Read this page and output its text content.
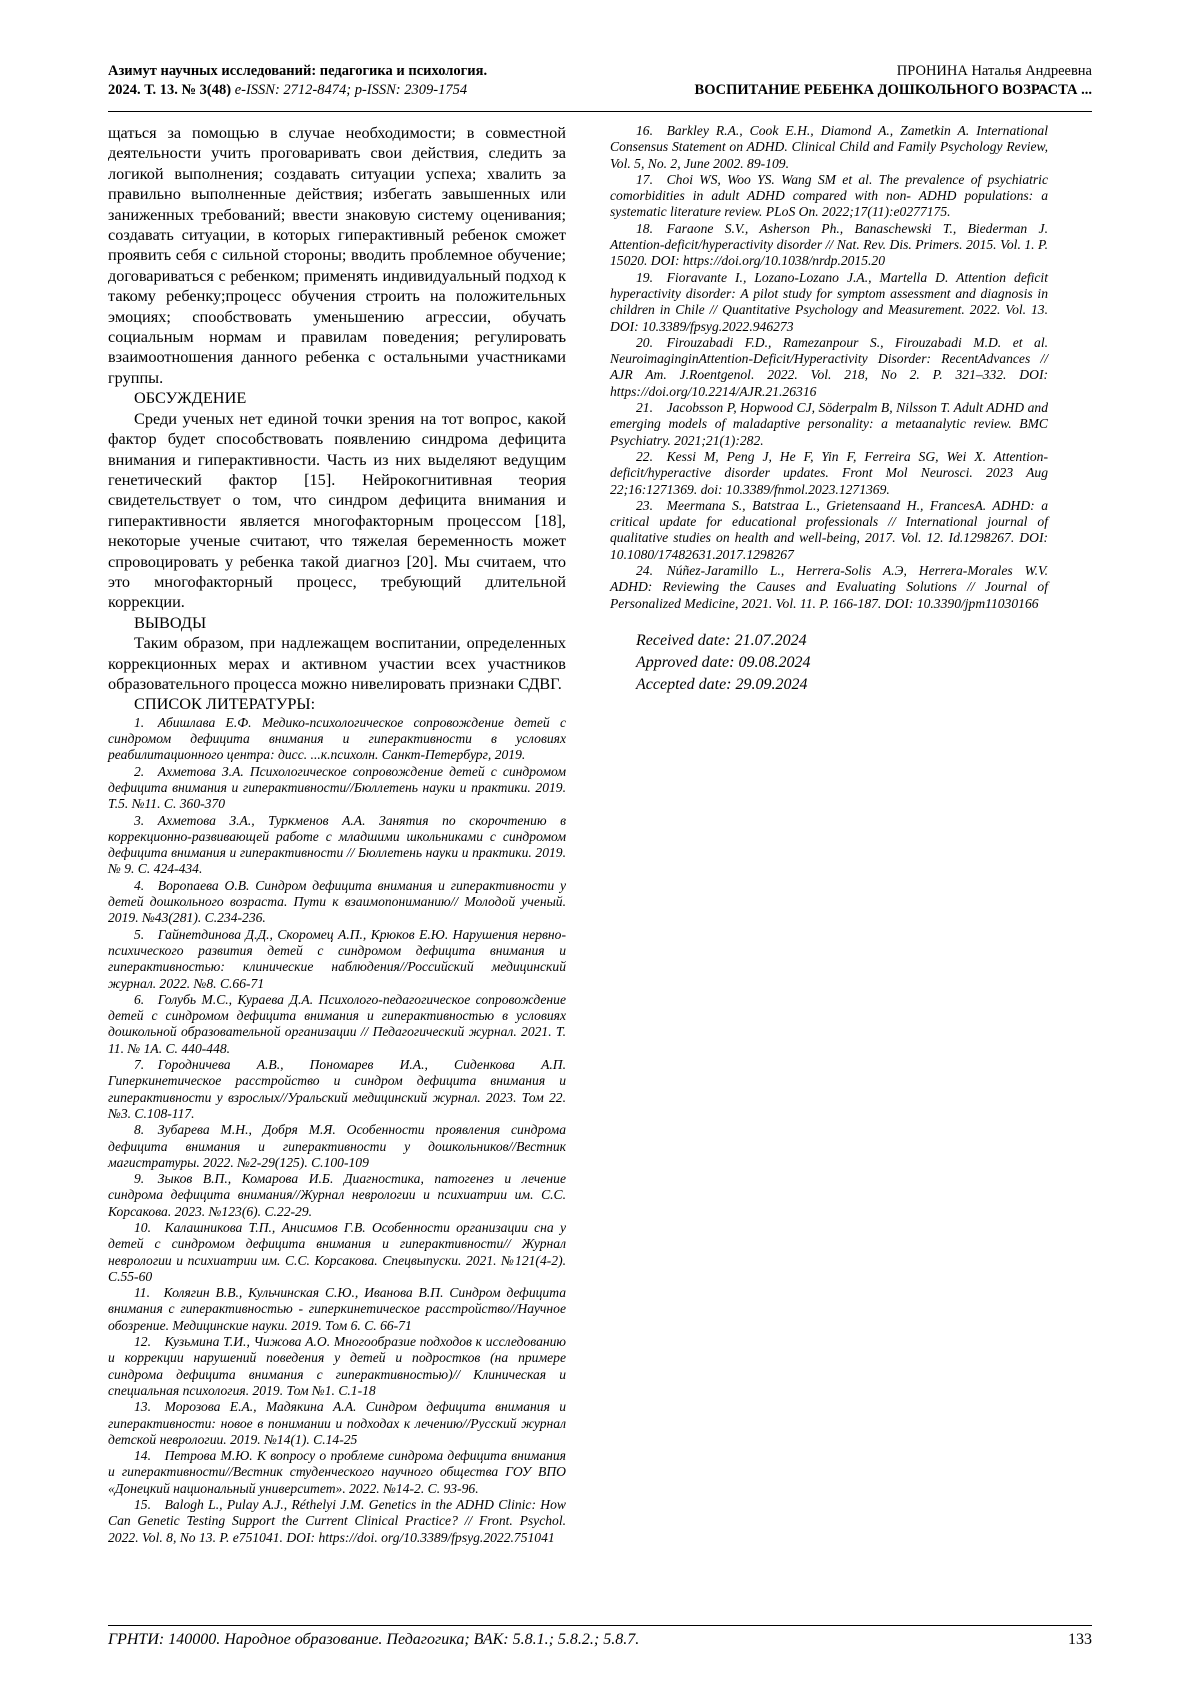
Азимут научных исследований: педагогика и психология.
2024. Т. 13. № 3(48) e-ISSN: 2712-8474; p-ISSN: 2309-1754
ПРОНИНА Наталья Андреевна
ВОСПИТАНИЕ РЕБЕНКА ДОШКОЛЬНОГО ВОЗРАСТА ...

щаться за помощью в случае необходимости; в совместной деятельности учить проговаривать свои действия, следить за логикой выполнения; создавать ситуации успеха; хвалить за правильно выполненные действия; избегать завышенных или заниженных требований; ввести знаковую систему оценивания; создавать ситуации, в которых гиперактивный ребенок сможет проявить себя с сильной стороны; вводить проблемное обучение; договариваться с ребенком; применять индивидуальный подход к такому ребенку;процесс обучения строить на положительных эмоциях; спообствовать уменьшению агрессии, обучать социальным нормам и правилам поведения; регулировать взаимоотношения данного ребенка с остальными участниками группы.

ОБСУЖДЕНИЕ

Среди ученых нет единой точки зрения на тот вопрос, какой фактор будет способствовать появлению синдрома дефицита внимания и гиперактивности. Часть из них выделяют ведущим генетический фактор [15]. Нейрокогнитивная теория свидетельствует о том, что синдром дефицита внимания и гиперактивности является многофакторным процессом [18], некоторые ученые считают, что тяжелая беременность может спровоцировать у ребенка такой диагноз [20]. Мы считаем, что это многофакторный процесс, требующий длительной коррекции.

ВЫВОДЫ

Таким образом, при надлежащем воспитании, определенных коррекционных мерах и активном участии всех участников образовательного процесса можно нивелировать признаки СДВГ.

СПИСОК ЛИТЕРАТУРЫ:

1. Абишлава Е.Ф. Медико-психологическое сопровождение детей с синдромом дефицита внимания и гиперактивности в условиях реабилитационного центра: дисс. ...к.психолн. Санкт-Петербург, 2019.

2. Ахметова З.А. Психологическое сопровождение детей с синдромом дефицита внимания и гиперактивности//Бюллетень науки и практики. 2019. Т.5. №11. С. 360-370

3. Ахметова З.А., Туркменов А.А. Занятия по скорочтению в коррекционно-развивающей работе с младшими школьниками с синдромом дефицита внимания и гиперактивности // Бюллетень науки и практики. 2019. № 9. С. 424-434.

4. Воропаева О.В. Синдром дефицита внимания и гиперактивности у детей дошкольного возраста. Пути к взаимопониманию// Молодой ученый. 2019. №43(281). С.234-236.

5. Гайнетдинова Д.Д., Скоромец А.П., Крюков Е.Ю. Нарушения нервно-психического развития детей с синдромом дефицита внимания и гиперактивностью: клинические наблюдения//Российский медицинский журнал. 2022. №8. С.66-71

6. Голубь М.С., Кураева Д.А. Психолого-педагогическое сопровождение детей с синдромом дефицита внимания и гиперактивностью в условиях дошкольной образовательной организации // Педагогический журнал. 2021. Т. 11. № 1А. С. 440-448.

7. Городничева А.В., Пономарев И.А., Сиденкова А.П. Гиперкинетическое расстройство и синдром дефицита внимания и гиперактивности у взрослых//Уральский медицинский журнал. 2023. Том 22. №3. С.108-117.

8. Зубарева М.Н., Добря М.Я. Особенности проявления синдрома дефицита внимания и гиперактивности у дошкольников//Вестник магистратуры. 2022. №2-29(125). С.100-109

9. Зыков В.П., Комарова И.Б. Диагностика, патогенез и лечение синдрома дефицита внимания//Журнал неврологии и психиатрии им. С.С. Корсакова. 2023. №123(6). С.22-29.

10. Калашникова Т.П., Анисимов Г.В. Особенности организации сна у детей с синдромом дефицита внимания и гиперактивности// Журнал неврологии и психиатрии им. С.С. Корсакова. Спецвыпуски. 2021. №121(4-2). С.55-60

11. Колягин В.В., Кульчинская С.Ю., Иванова В.П. Синдром дефицита внимания с гиперактивностью - гиперкинетическое расстройство//Научное обозрение. Медицинские науки. 2019. Том 6. С. 66-71

12. Кузьмина Т.И., Чижова А.О. Многообразие подходов к исследованию и коррекции нарушений поведения у детей и подростков (на примере синдрома дефицита внимания с гиперактивностью)// Клиническая и специальная психология. 2019. Том №1. С.1-18

13. Морозова Е.А., Мадякина А.А. Синдром дефицита внимания и гиперактивности: новое в понимании и подходах к лечению//Русский журнал детской неврологии. 2019. №14(1). С.14-25

14. Петрова М.Ю. К вопросу о проблеме синдрома дефицита внимания и гиперактивности//Вестник студенческого научного общества ГОУ ВПО «Донецкий национальный университет». 2022. №14-2. С. 93-96.

15. Balogh L., Pulay A.J., Réthelyi J.M. Genetics in the ADHD Clinic: How Can Genetic Testing Support the Current Clinical Practice? // Front. Psychol. 2022. Vol. 8, No 13. P. e751041. DOI: https://doi. org/10.3389/fpsyg.2022.751041

16. Barkley R.A., Cook E.H., Diamond A., Zametkin A. International Consensus Statement on ADHD. Clinical Child and Family Psychology Review, Vol. 5, No. 2, June 2002. 89-109.

17. Choi WS, Woo YS. Wang SM et al. The prevalence of psychiatric comorbidities in adult ADHD compared with non- ADHD populations: a systematic literature review. PLoS On. 2022;17(11):e0277175.

18. Faraone S.V., Asherson Ph., Banaschewski T., Biederman J. Attention-deficit/hyperactivity disorder // Nat. Rev. Dis. Primers. 2015. Vol. 1. P. 15020. DOI: https://doi.org/10.1038/nrdp.2015.20

19. Fioravante I., Lozano-Lozano J.A., Martella D. Attention deficit hyperactivity disorder: A pilot study for symptom assessment and diagnosis in children in Chile // Quantitative Psychology and Measurement. 2022. Vol. 13. DOI: 10.3389/fpsyg.2022.946273

20. Firouzabadi F.D., Ramezanpour S., Firouzabadi M.D. et al. NeuroimaginginAttention-Deficit/Hyperactivity Disorder: RecentAdvances // AJR Am. J.Roentgenol. 2022. Vol. 218, No 2. P. 321–332. DOI: https://doi.org/10.2214/AJR.21.26316

21. Jacobsson P, Hopwood CJ, Söderpalm B, Nilsson T. Adult ADHD and emerging models of maladaptive personality: a metaanalytic review. BMC Psychiatry. 2021;21(1):282.

22. Kessi M, Peng J, He F, Yin F, Ferreira SG, Wei X. Attention-deficit/hyperactive disorder updates. Front Mol Neurosci. 2023 Aug 22;16:1271369. doi: 10.3389/fnmol.2023.1271369.

23. Meermana S., Batstraa L., Grietensaand H., FrancesA. ADHD: a critical update for educational professionals // International journal of qualitative studies on health and well-being, 2017. Vol. 12. Id.1298267. DOI: 10.1080/17482631.2017.1298267

24. Núñez-Jaramillo L., Herrera-Solis A.Э, Herrera-Morales W.V. ADHD: Reviewing the Causes and Evaluating Solutions // Journal of Personalized Medicine, 2021. Vol. 11. P. 166-187. DOI: 10.3390/jpm11030166

Received date: 21.07.2024
Approved date: 09.08.2024
Accepted date: 29.09.2024
ГРНТИ: 140000. Народное образование. Педагогика; ВАК: 5.8.1.; 5.8.2.; 5.8.7.	133
